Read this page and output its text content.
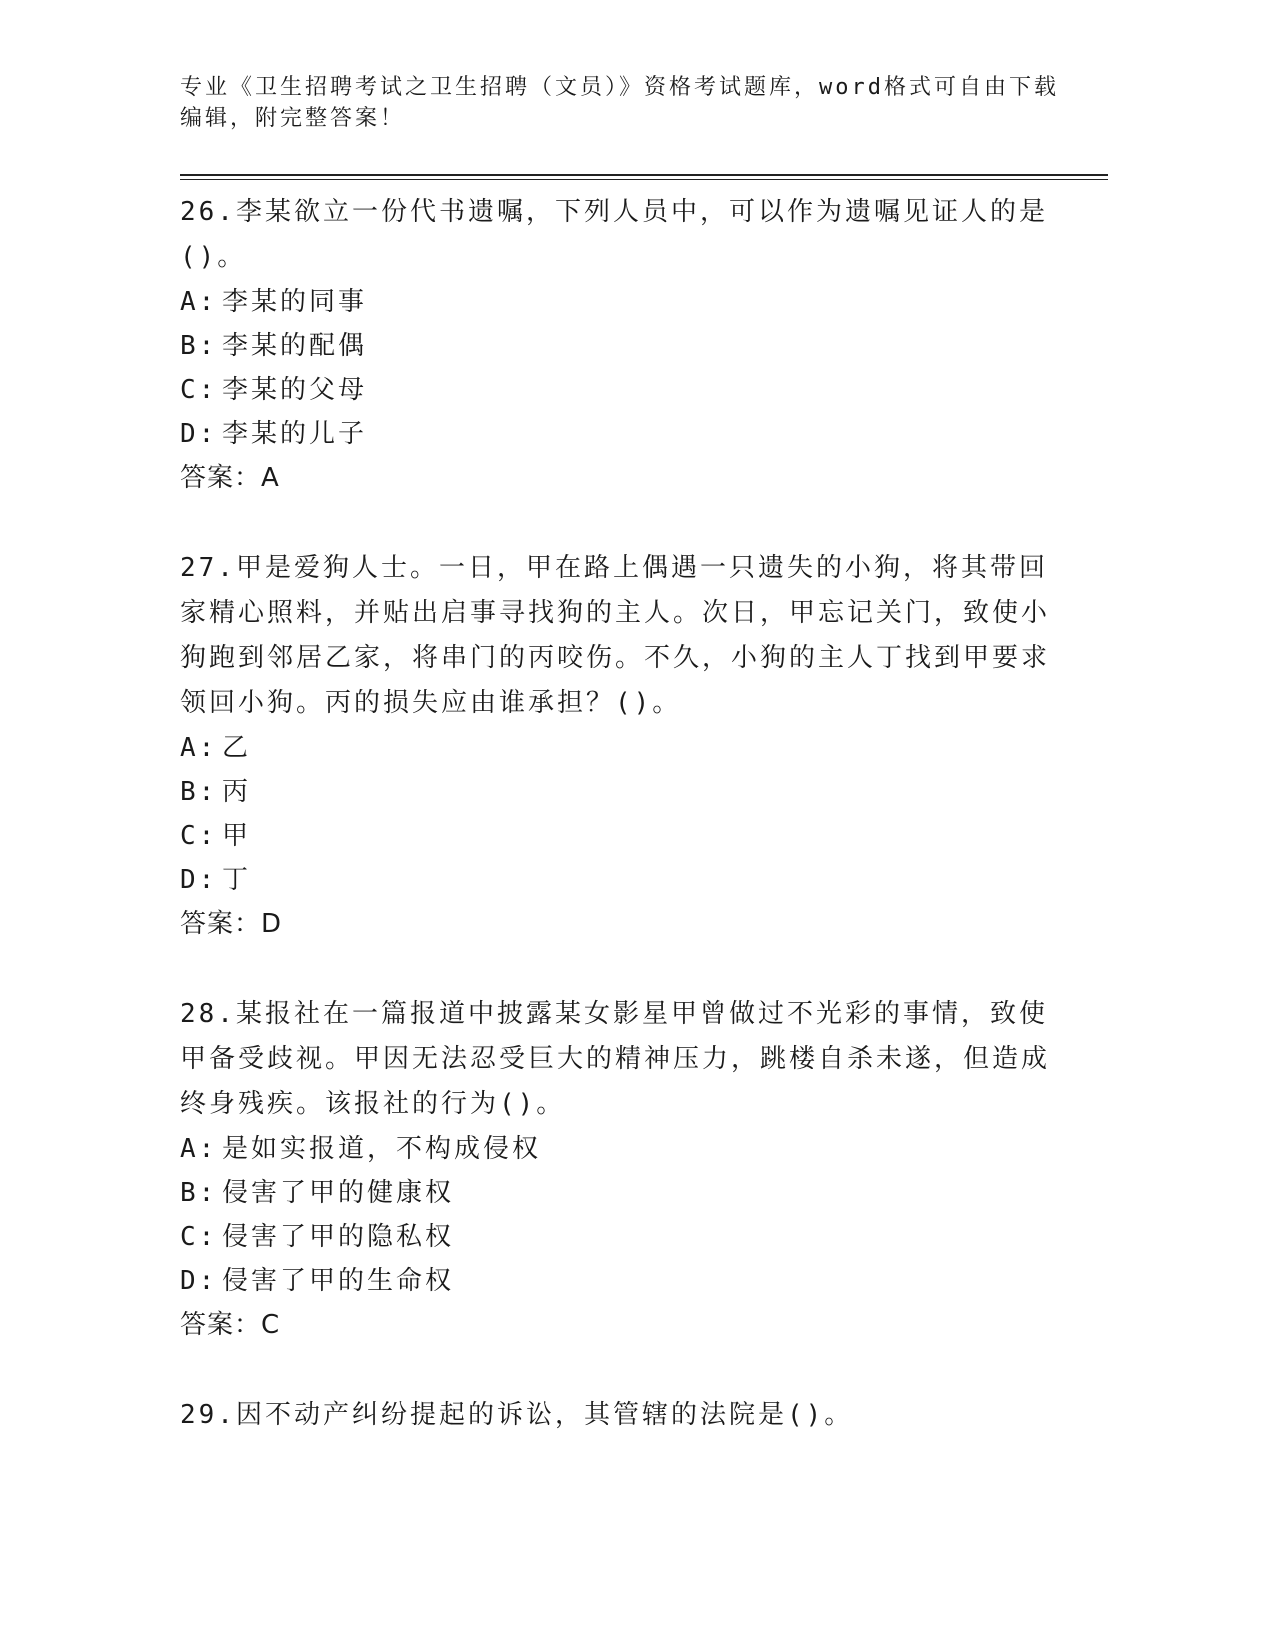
专业《卫生招聘考试之卫生招聘（文员）》资格考试题库，word格式可自由下载编辑，附完整答案！
26.李某欲立一份代书遗嘱，下列人员中，可以作为遗嘱见证人的是()。
A: 李某的同事
B: 李某的配偶
C: 李某的父母
D: 李某的儿子
答案：A
27.甲是爱狗人士。一日，甲在路上偶遇一只遗失的小狗，将其带回家精心照料，并贴出启事寻找狗的主人。次日，甲忘记关门，致使小狗跑到邻居乙家，将串门的丙咬伤。不久，小狗的主人丁找到甲要求领回小狗。丙的损失应由谁承担？()。
A: 乙
B: 丙
C: 甲
D: 丁
答案：D
28.某报社在一篇报道中披露某女影星甲曾做过不光彩的事情，致使甲备受歧视。甲因无法忍受巨大的精神压力，跳楼自杀未遂，但造成终身残疾。该报社的行为()。
A: 是如实报道，不构成侵权
B: 侵害了甲的健康权
C: 侵害了甲的隐私权
D: 侵害了甲的生命权
答案：C
29.因不动产纠纷提起的诉讼，其管辖的法院是()。
